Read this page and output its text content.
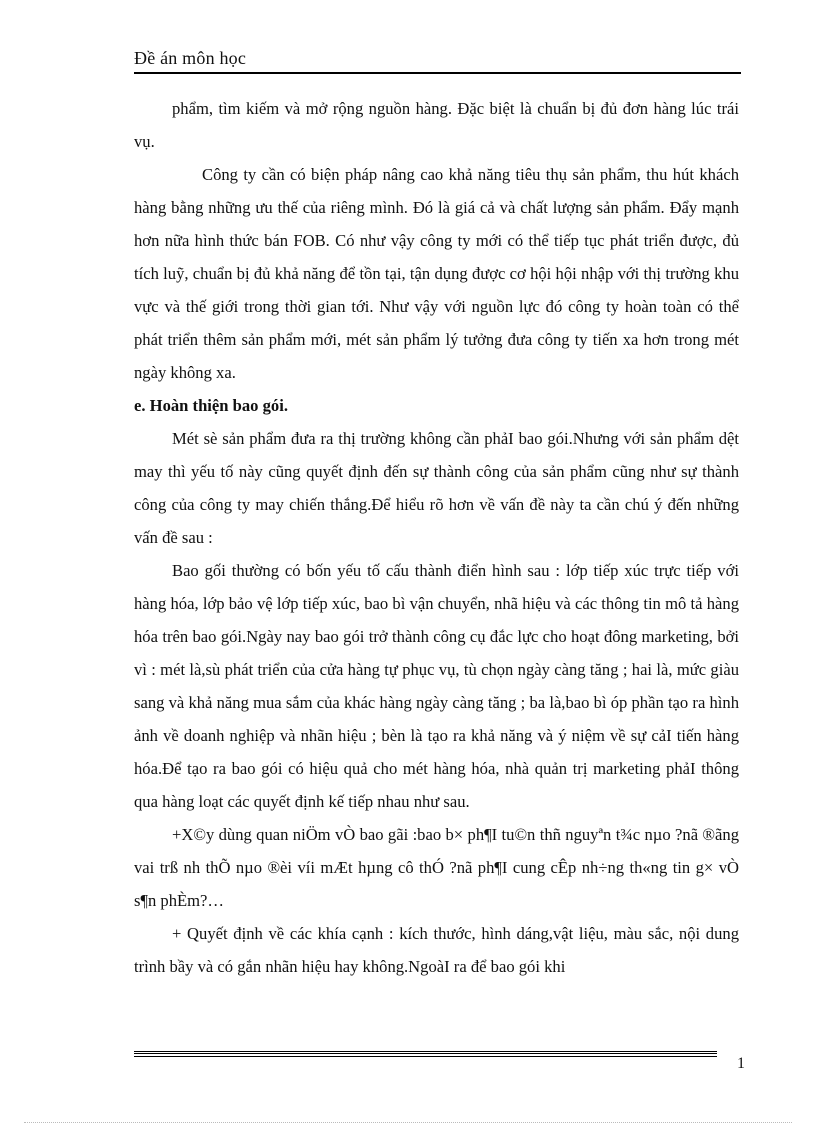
Đề án môn học

phẩm, tìm kiếm và mở rộng nguồn hàng. Đặc biệt là chuẩn bị đủ đơn hàng lúc trái vụ.

Công ty cần có biện pháp nâng cao khả năng tiêu thụ sản phẩm, thu hút khách hàng bằng những ưu thế của riêng mình. Đó là giá cả và chất lượng sản phẩm. Đẩy mạnh hơn nữa hình thức bán FOB. Có như vậy công ty mới có thể tiếp tục phát triển được, đủ tích luỹ, chuẩn bị đủ khả năng để tồn tại, tận dụng được cơ hội hội nhập với thị trường khu vực và thế giới trong thời gian tới. Như vậy với nguồn lực đó công ty hoàn toàn có thể phát triển thêm sản phẩm mới, mét sản phẩm lý tưởng đưa công ty tiến xa hơn trong mét ngày không xa.

e. Hoàn thiện bao gói.

Mét sè sản phẩm đưa ra thị trường không cần phảI bao gói.Nhưng với sản phẩm dệt may thì yếu tố này cũng quyết định đến sự thành công của sản phẩm cũng như sự thành công của công ty may chiến thắng.Để hiểu rõ hơn về vấn đề này ta cần chú ý đến những vấn đề sau :

Bao gối thường có bốn yếu tố cấu thành điển hình sau : lớp tiếp xúc trực tiếp với hàng hóa, lớp bảo vệ lớp tiếp xúc, bao bì vận chuyển, nhã hiệu và các thông tin mô tả hàng hóa trên bao gói.Ngày nay bao gói trở thành công cụ đắc lực cho hoạt đông marketing, bởi vì : mét là,sù phát triển của cửa hàng tự phục vụ, tù chọn ngày càng tăng ; hai là, mức giàu sang và khả năng mua sắm của khác hàng ngày càng tăng ; ba là,bao bì óp phần tạo ra hình ảnh về doanh nghiệp và nhãn hiệu ; bèn là tạo ra khả năng và ý niệm về sự cảI tiến hàng hóa.Để tạo ra bao gói có hiệu quả cho mét hàng hóa, nhà quản trị marketing phảI thông qua hàng loạt các quyết định kế tiếp nhau như sau.

+X©y dùng quan niÖm vÒ bao gãi :bao b× ph¶I tu©n thñ nguyªn t¾c nµo ?nã ®ãng vai trß nh thÕ nµo ®èi víi mÆt hµng cô thÓ ?nã ph¶I cung cÊp nh÷ng th«ng tin g× vÒ s¶n phÈm?…

+ Quyết định về các khía cạnh : kích thước, hình dáng,vật liệu, màu sắc, nội dung trình bầy và có gắn nhãn hiệu hay không.NgoàI ra để bao gói khi

1
